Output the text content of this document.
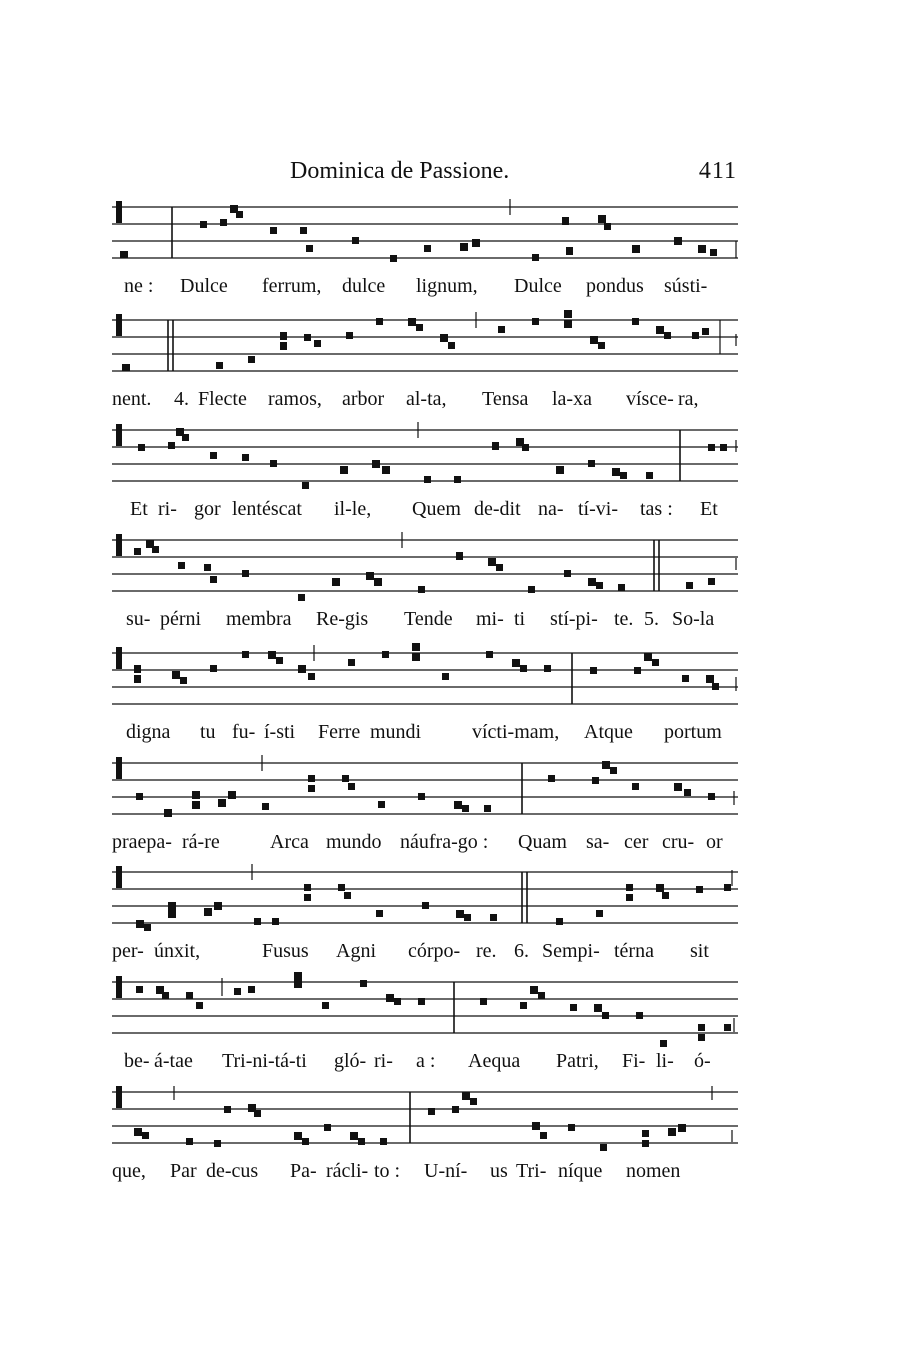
Dominica de Passione.	411
ne : Dulce ferrum, dulce lignum, Dulce pondus sústi-
nent. 4. Flecte ramos, arbor al-ta, Tensa la-xa vísce- ra,
Et ri- gor lentéscat il-le, Quem de-dit na- tí-vi- tas : Et
su- pérni membra Re-gis Tende mi- ti stí-pi- te. 5. So-la
digna tu fu- í-sti Ferre mundi	vícti-mam, Atque portum
praepa- rá-re	Arca mundo náufra-go : Quam sa- cer cru- or
per- únxit,	Fusus Agni córpo- re. 6. Sempi- térna sit
be- á-tae Tri-ni-tá-ti gló- ri- a : Aequa Patri, Fi- li- ó-
que, Par de-cus Pa- rácli- to : U-ní- us Tri- níque nomen
